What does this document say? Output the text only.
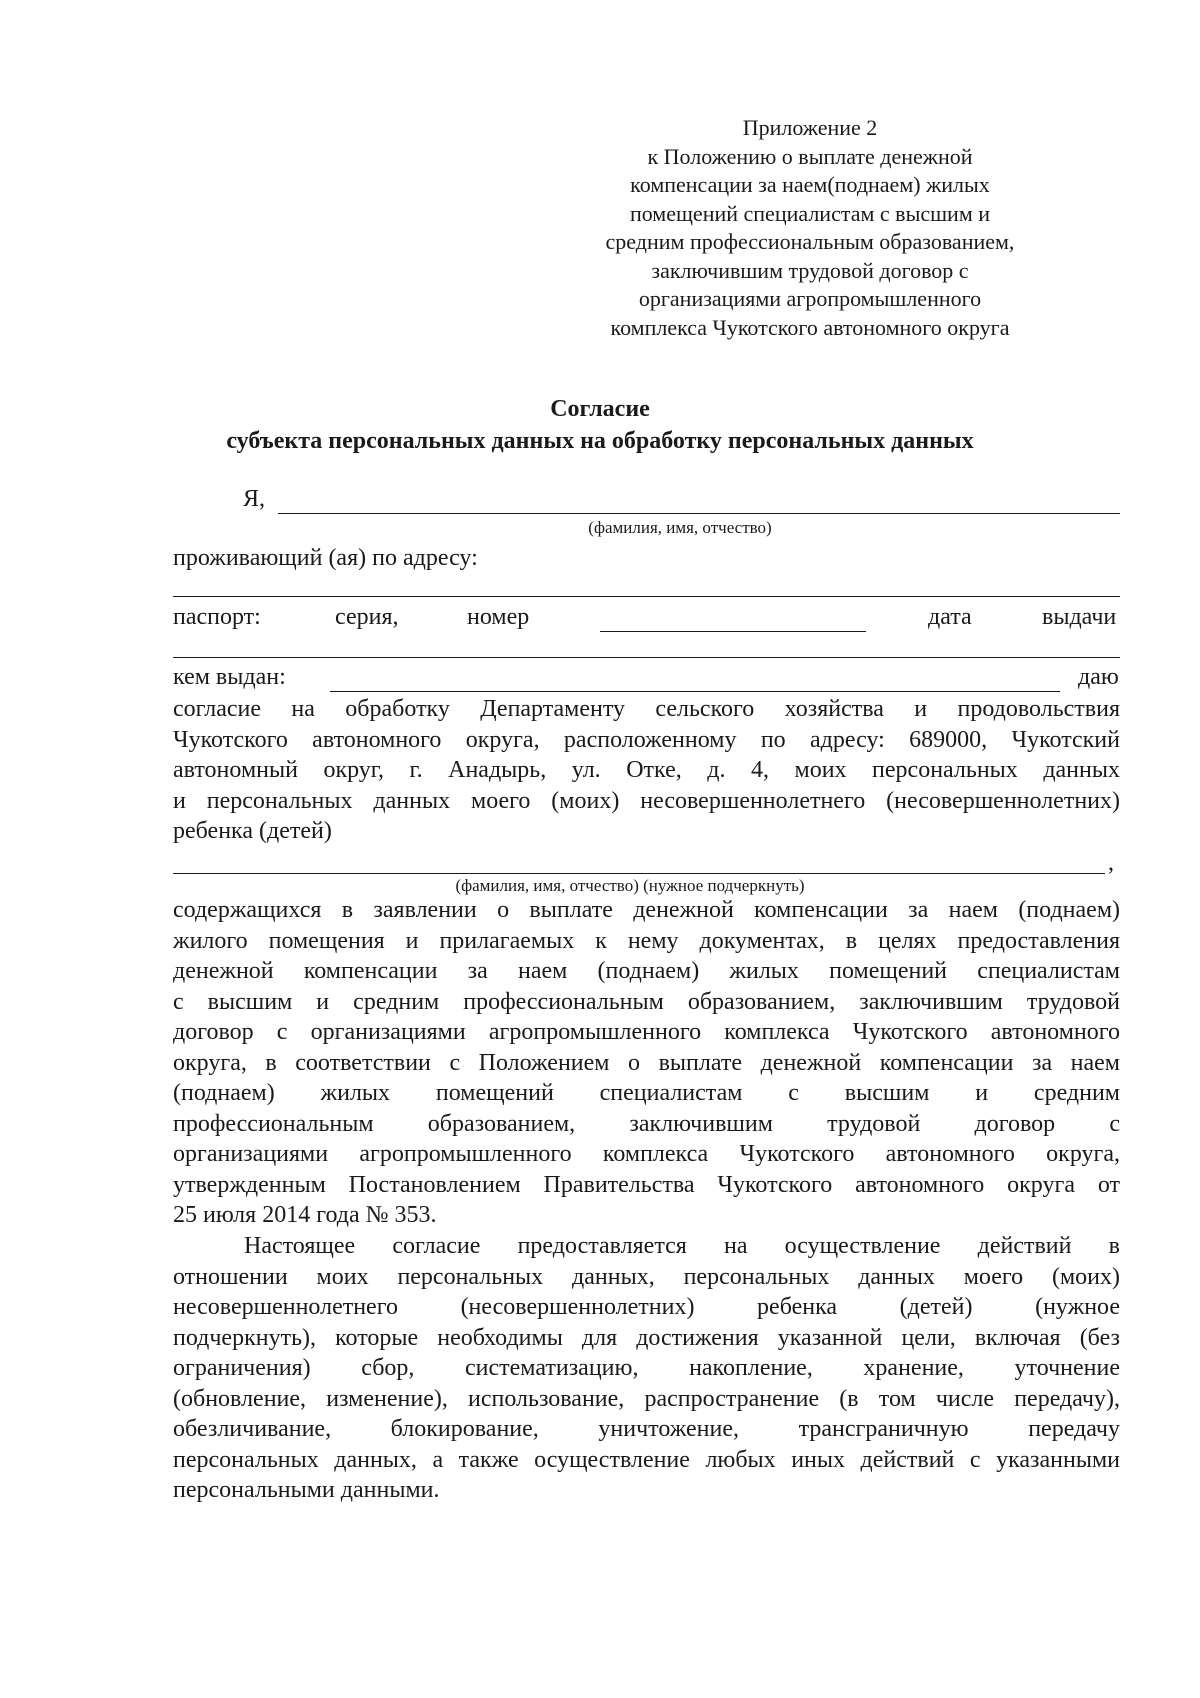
Приложение 2
к Положению о выплате денежной
компенсации за наем(поднаем) жилых
помещений специалистам с высшим и
средним профессиональным образованием,
заключившим трудовой договор с
организациями агропромышленного
комплекса Чукотского автономного округа
Согласие
субъекта персональных данных на обработку персональных данных
Я,
(фамилия, имя, отчество)
проживающий (ая) по адресу:
паспорт:	серия,	номер	дата	выдачи
кем выдан:	даю
согласие на обработку Департаменту сельского хозяйства и продовольствия
Чукотского автономного округа, расположенному по адресу: 689000, Чукотский
автономный округ, г. Анадырь, ул. Отке, д. 4, моих персональных данных
и персональных данных моего (моих) несовершеннолетнего (несовершеннолетних)
ребенка (детей)
,
(фамилия, имя, отчество) (нужное подчеркнуть)
содержащихся в заявлении о выплате денежной компенсации за наем (поднаем)
жилого помещения и прилагаемых к нему документах, в целях предоставления
денежной компенсации за наем (поднаем) жилых помещений специалистам
с высшим и средним профессиональным образованием, заключившим трудовой
договор с организациями агропромышленного комплекса Чукотского автономного
округа, в соответствии с Положением о выплате денежной компенсации за наем
(поднаем) жилых помещений специалистам с высшим и средним
профессиональным образованием, заключившим трудовой договор с
организациями агропромышленного комплекса Чукотского автономного округа,
утвержденным Постановлением Правительства Чукотского автономного округа от
25 июля 2014 года № 353.
Настоящее согласие предоставляется на осуществление действий в
отношении моих персональных данных, персональных данных моего (моих)
несовершеннолетнего (несовершеннолетних) ребенка (детей) (нужное
подчеркнуть), которые необходимы для достижения указанной цели, включая (без
ограничения) сбор, систематизацию, накопление, хранение, уточнение
(обновление, изменение), использование, распространение (в том числе передачу),
обезличивание, блокирование, уничтожение, трансграничную передачу
персональных данных, а также осуществление любых иных действий с указанными
персональными данными.
